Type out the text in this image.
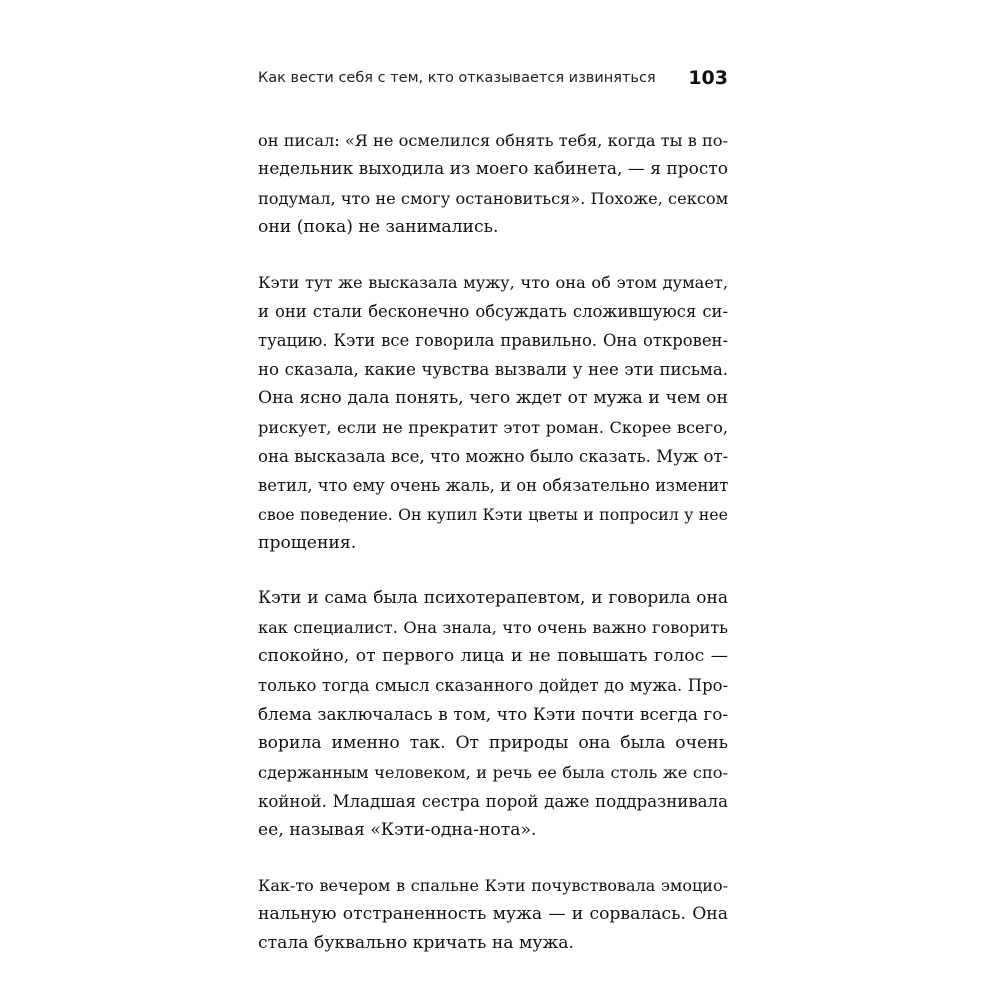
Как вести себя с тем, кто отказывается извиняться 103
он писал: «Я не осмелился обнять тебя, когда ты в по-
недельник выходила из моего кабинета, — я просто
подумал, что не смогу остановиться». Похоже, сексом
они (пока) не занимались.
Кэти тут же высказала мужу, что она об этом думает,
и они стали бесконечно обсуждать сложившуюся си-
туацию. Кэти все говорила правильно. Она откровен-
но сказала, какие чувства вызвали у нее эти письма.
Она ясно дала понять, чего ждет от мужа и чем он
рискует, если не прекратит этот роман. Скорее всего,
она высказала все, что можно было сказать. Муж от-
ветил, что ему очень жаль, и он обязательно изменит
свое поведение. Он купил Кэти цветы и попросил у нее
прощения.
Кэти и сама была психотерапевтом, и говорила она
как специалист. Она знала, что очень важно говорить
спокойно, от первого лица и не повышать голос —
только тогда смысл сказанного дойдет до мужа. Про-
блема заключалась в том, что Кэти почти всегда го-
ворила именно так. От природы она была очень
сдержанным человеком, и речь ее была столь же спо-
койной. Младшая сестра порой даже поддразнивала
ее, называя «Кэти-одна-нота».
Как-то вечером в спальне Кэти почувствовала эмоцио-
нальную отстраненность мужа — и сорвалась. Она
стала буквально кричать на мужа.
